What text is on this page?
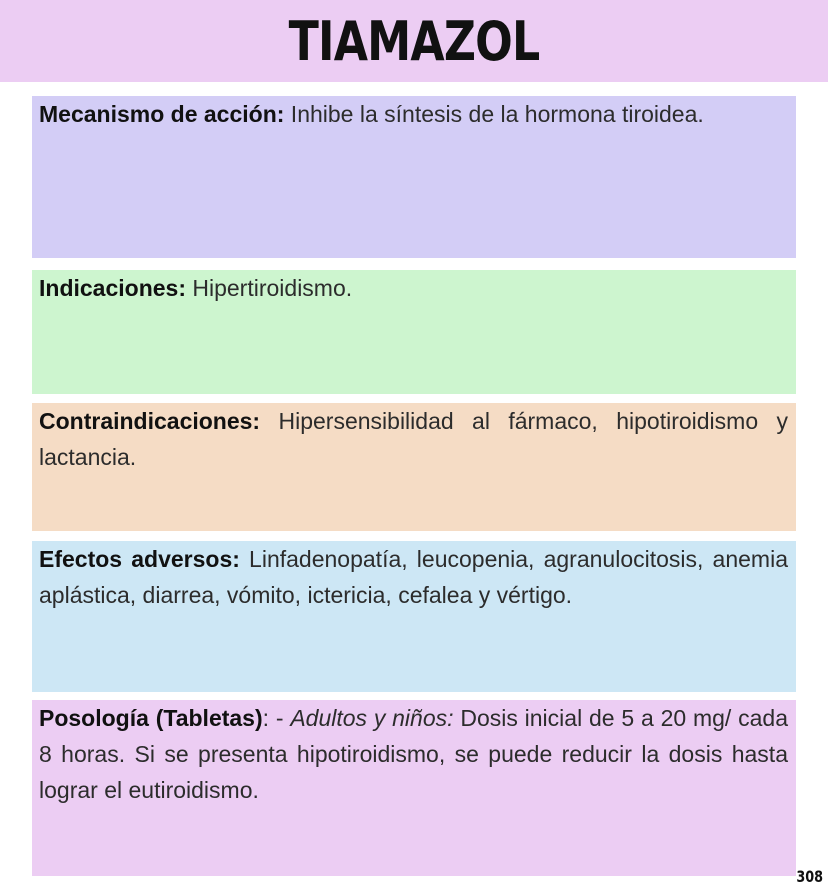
TIAMAZOL
Mecanismo de acción: Inhibe la síntesis de la hormona tiroidea.
Indicaciones: Hipertiroidismo.
Contraindicaciones: Hipersensibilidad al fármaco, hipotiroidismo y lactancia.
Efectos adversos: Linfadenopatía, leucopenia, agranulocitosis, anemia aplástica, diarrea, vómito, ictericia, cefalea y vértigo.
Posología (Tabletas): - Adultos y niños: Dosis inicial de 5 a 20 mg/ cada 8 horas. Si se presenta hipotiroidismo, se puede reducir la dosis hasta lograr el eutiroidismo.
308
